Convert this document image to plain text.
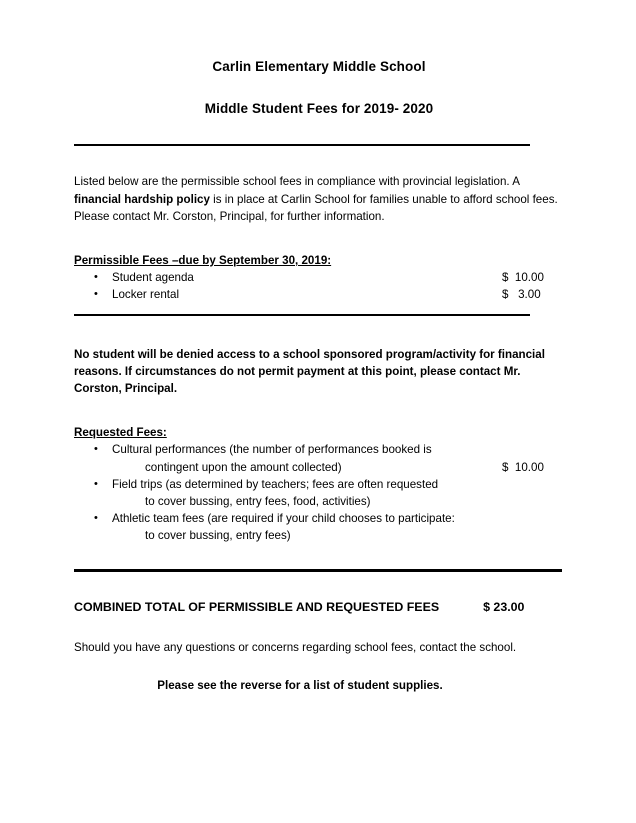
Carlin Elementary Middle School
Middle Student Fees for 2019- 2020

Listed below are the permissible school fees in compliance with provincial legislation. A financial hardship policy is in place at Carlin School for families unable to afford school fees. Please contact Mr. Corston, Principal, for further information.

Permissible Fees –due by September 30, 2019:
• Student agenda	$  10.00
• Locker rental	$   3.00

No student will be denied access to a school sponsored program/activity for financial reasons. If circumstances do not permit payment at this point, please contact Mr. Corston, Principal.

Requested Fees:
• Cultural performances (the number of performances booked is
contingent upon the amount collected)	$  10.00
• Field trips (as determined by teachers; fees are often requested
to cover bussing, entry fees, food, activities)
• Athletic team fees (are required if your child chooses to participate:
to cover bussing, entry fees)
COMBINED TOTAL OF PERMISSIBLE AND REQUESTED FEES	$ 23.00

Should you have any questions or concerns regarding school fees, contact the school.

Please see the reverse for a list of student supplies.
